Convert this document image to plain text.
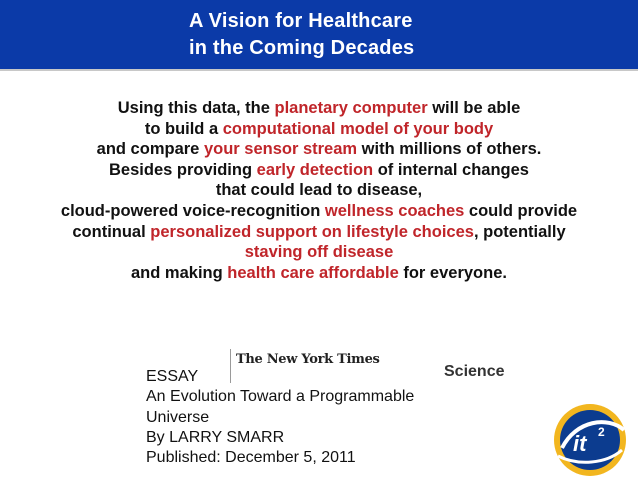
A Vision for Healthcare
in the Coming Decades
Using this data, the planetary computer will be able
to build a computational model of your body
and compare your sensor stream with millions of others.
Besides providing early detection of internal changes
that could lead to disease,
cloud-powered voice-recognition wellness coaches could provide
continual personalized support on lifestyle choices, potentially
staving off disease
and making health care affordable for everyone.
The New York Times
Science
ESSAY
An Evolution Toward a Programmable
Universe
By LARRY SMARR
Published: December 5, 2011
it 2
